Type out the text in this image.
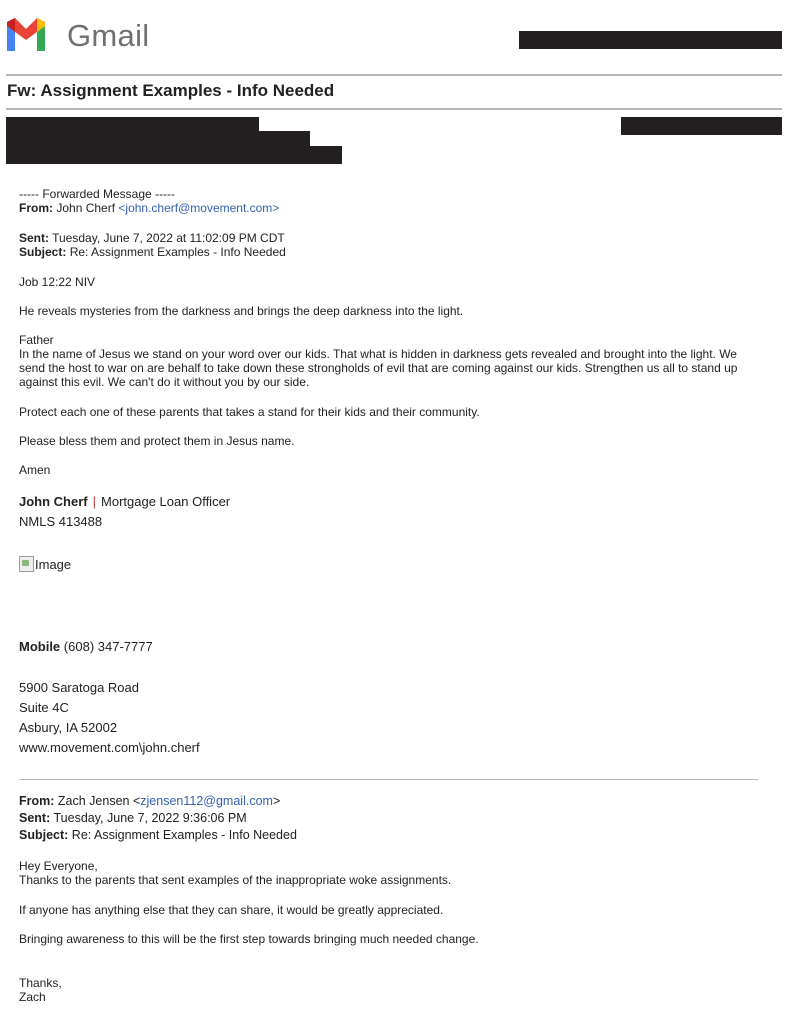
Gmail
Fw: Assignment Examples - Info Needed

----- Forwarded Message -----

From: John Cherf <john.cherf@movement.com>

Sent: Tuesday, June 7, 2022 at 11:02:09 PM CDT

Subject: Re: Assignment Examples - Info Needed

Job 12:22 NIV

He reveals mysteries from the darkness and brings the deep darkness into the light.

Father

In the name of Jesus we stand on your word over our kids. That what is hidden in darkness gets revealed and brought into the light. We send the host to war on are behalf to take down these strongholds of evil that are coming against our kids. Strengthen us all to stand up against this evil. We can't do it without you by our side.

Protect each one of these parents that takes a stand for their kids and their community.

Please bless them and protect them in Jesus name.

Amen

John Cherf | Mortgage Loan Officer

NMLS 413488

Image

Mobile (608) 347-7777

5900 Saratoga Road

Suite 4C

Asbury, IA 52002

www.movement.com\john.cherf

From: Zach Jensen <zjensen112@gmail.com>

Sent: Tuesday, June 7, 2022 9:36:06 PM

Subject: Re: Assignment Examples - Info Needed

Hey Everyone,

Thanks to the parents that sent examples of the inappropriate woke assignments.

If anyone has anything else that they can share, it would be greatly appreciated.

Bringing awareness to this will be the first step towards bringing much needed change.

Thanks,

Zach
